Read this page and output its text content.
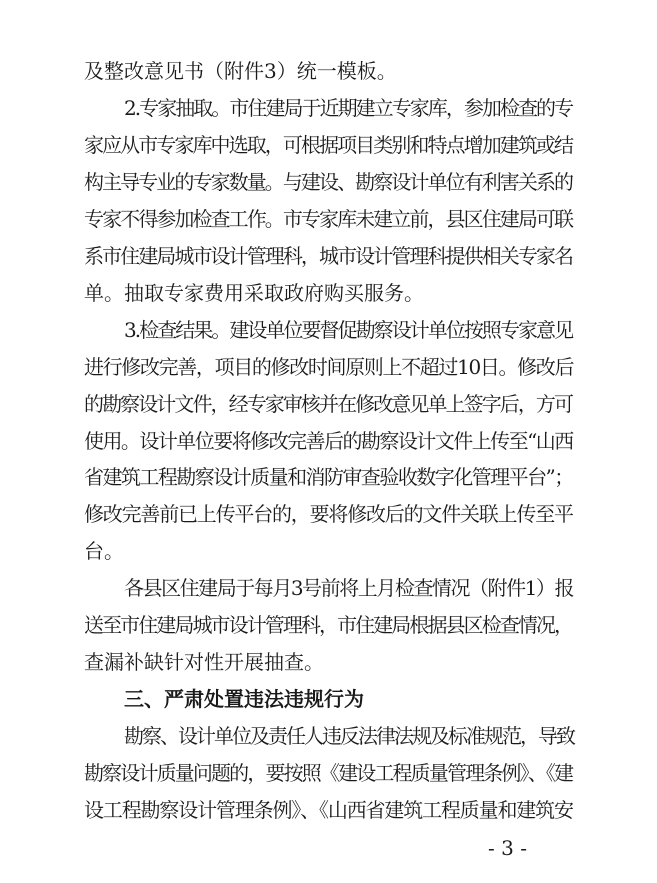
及整改意见书（附件3）统一模板。
2.专家抽取。市住建局于近期建立专家库，参加检查的专
家应从市专家库中选取，可根据项目类别和特点增加建筑或结
构主导专业的专家数量。与建设、勘察设计单位有利害关系的
专家不得参加检查工作。市专家库未建立前，县区住建局可联
系市住建局城市设计管理科，城市设计管理科提供相关专家名
单。抽取专家费用采取政府购买服务。
3.检查结果。建设单位要督促勘察设计单位按照专家意见
进行修改完善，项目的修改时间原则上不超过10日。修改后
的勘察设计文件，经专家审核并在修改意见单上签字后，方可
使用。设计单位要将修改完善后的勘察设计文件上传至“山西
省建筑工程勘察设计质量和消防审查验收数字化管理平台”；
修改完善前已上传平台的，要将修改后的文件关联上传至平
台。
各县区住建局于每月3号前将上月检查情况（附件1）报
送至市住建局城市设计管理科，市住建局根据县区检查情况，
查漏补缺针对性开展抽查。
三、严肃处置违法违规行为
勘察、设计单位及责任人违反法律法规及标准规范，导致
勘察设计质量问题的，要按照《建设工程质量管理条例》、《建
设工程勘察设计管理条例》、《山西省建筑工程质量和建筑安
- 3 -
